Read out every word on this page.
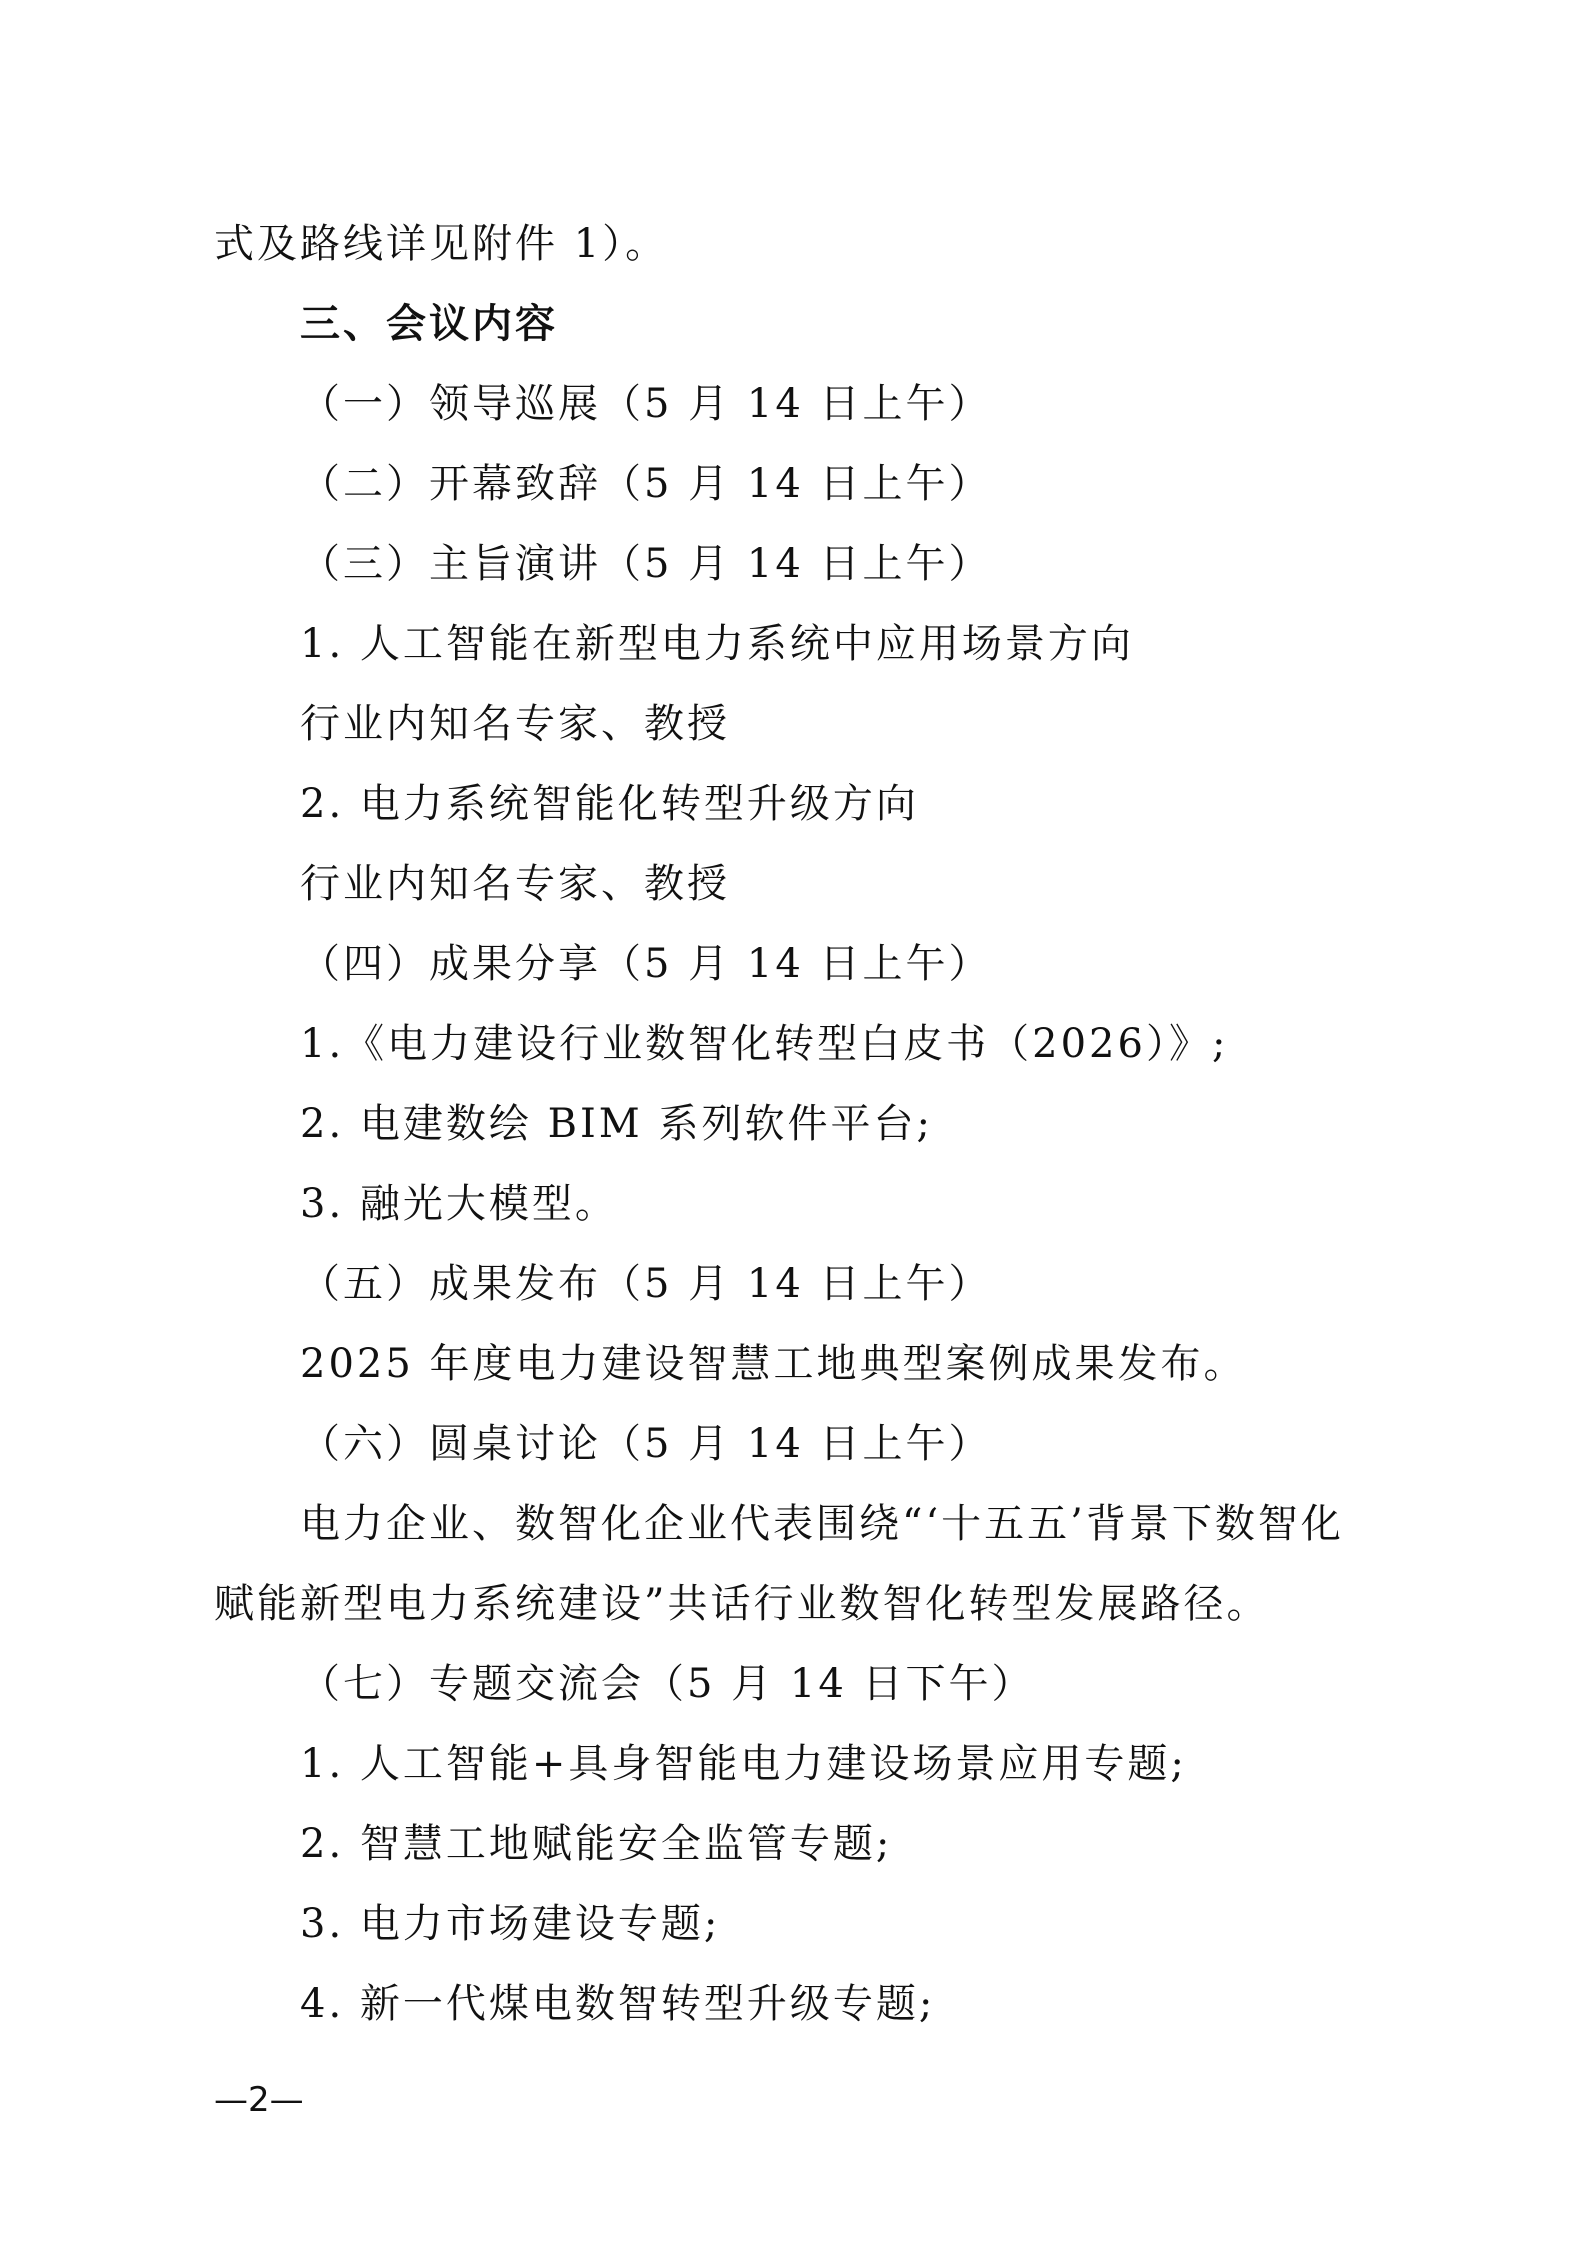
式及路线详见附件 1）。
三、会议内容
（一）领导巡展（5 月 14 日上午）
（二）开幕致辞（5 月 14 日上午）
（三）主旨演讲（5 月 14 日上午）
1. 人工智能在新型电力系统中应用场景方向
行业内知名专家、教授
2. 电力系统智能化转型升级方向
行业内知名专家、教授
（四）成果分享（5 月 14 日上午）
1.《电力建设行业数智化转型白皮书（2026）》;
2. 电建数绘 BIM 系列软件平台;
3. 融光大模型。
（五）成果发布（5 月 14 日上午）
2025 年度电力建设智慧工地典型案例成果发布。
（六）圆桌讨论（5 月 14 日上午）
电力企业、数智化企业代表围绕“‘十五五’背景下数智化
赋能新型电力系统建设”共话行业数智化转型发展路径。
（七）专题交流会（5 月 14 日下午）
1. 人工智能+具身智能电力建设场景应用专题;
2. 智慧工地赋能安全监管专题;
3. 电力市场建设专题;
4. 新一代煤电数智转型升级专题;
—2—
